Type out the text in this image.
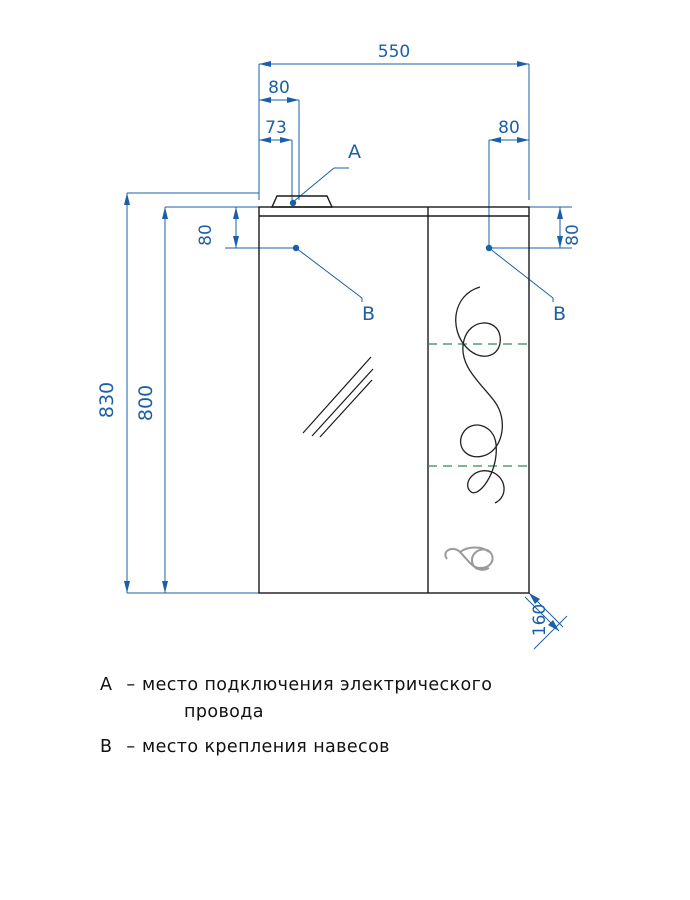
550
80
73	80
80	80
830 800
160
A
B	B
A – место подключения электрического
провода
B – место крепления навесов
